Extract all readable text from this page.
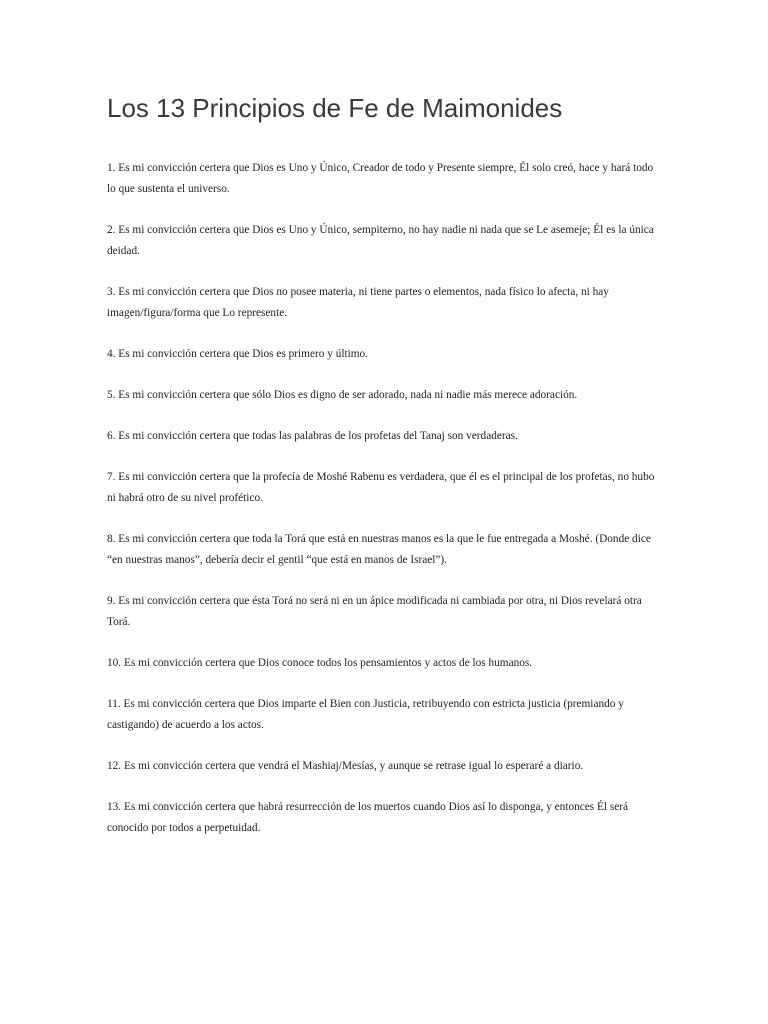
Los 13 Principios de Fe de Maimonides
1. Es mi convicción certera que Dios es Uno y Único, Creador de todo y Presente siempre, Él solo creó, hace y hará todo lo que sustenta el universo.
2. Es mi convicción certera que Dios es Uno y Único, sempiterno, no hay nadie ni nada que se Le asemeje; Él es la única deidad.
3. Es mi convicción certera que Dios no posee materia, ni tiene partes o elementos, nada físico lo afecta, ni hay imagen/figura/forma que Lo represente.
4. Es mi convicción certera que Dios es primero y último.
5. Es mi convicción certera que sólo Dios es digno de ser adorado, nada ni nadie más merece adoración.
6. Es mi convicción certera que todas las palabras de los profetas del Tanaj son verdaderas.
7. Es mi convicción certera que la profecía de Moshé Rabenu es verdadera, que él es el principal de los profetas, no hubo ni habrá otro de su nivel profético.
8. Es mi convicción certera que toda la Torá que está en nuestras manos es la que le fue entregada a Moshé. (Donde dice “en nuestras manos”, debería decir el gentil “que está en manos de Israel”).
9. Es mi convicción certera que ésta Torá no será ni en un ápice modificada ni cambiada por otra, ni Dios revelará otra Torá.
10. Es mi convicción certera que Dios conoce todos los pensamientos y actos de los humanos.
11. Es mi convicción certera que Dios imparte el Bien con Justicia, retribuyendo con estricta justicia (premiando y castigando) de acuerdo a los actos.
12. Es mi convicción certera que vendrá el Mashiaj/Mesías, y aunque se retrase igual lo esperaré a diario.
13. Es mi convicción certera que habrá resurrección de los muertos cuando Dios así lo disponga, y entonces Él será conocido por todos a perpetuidad.
